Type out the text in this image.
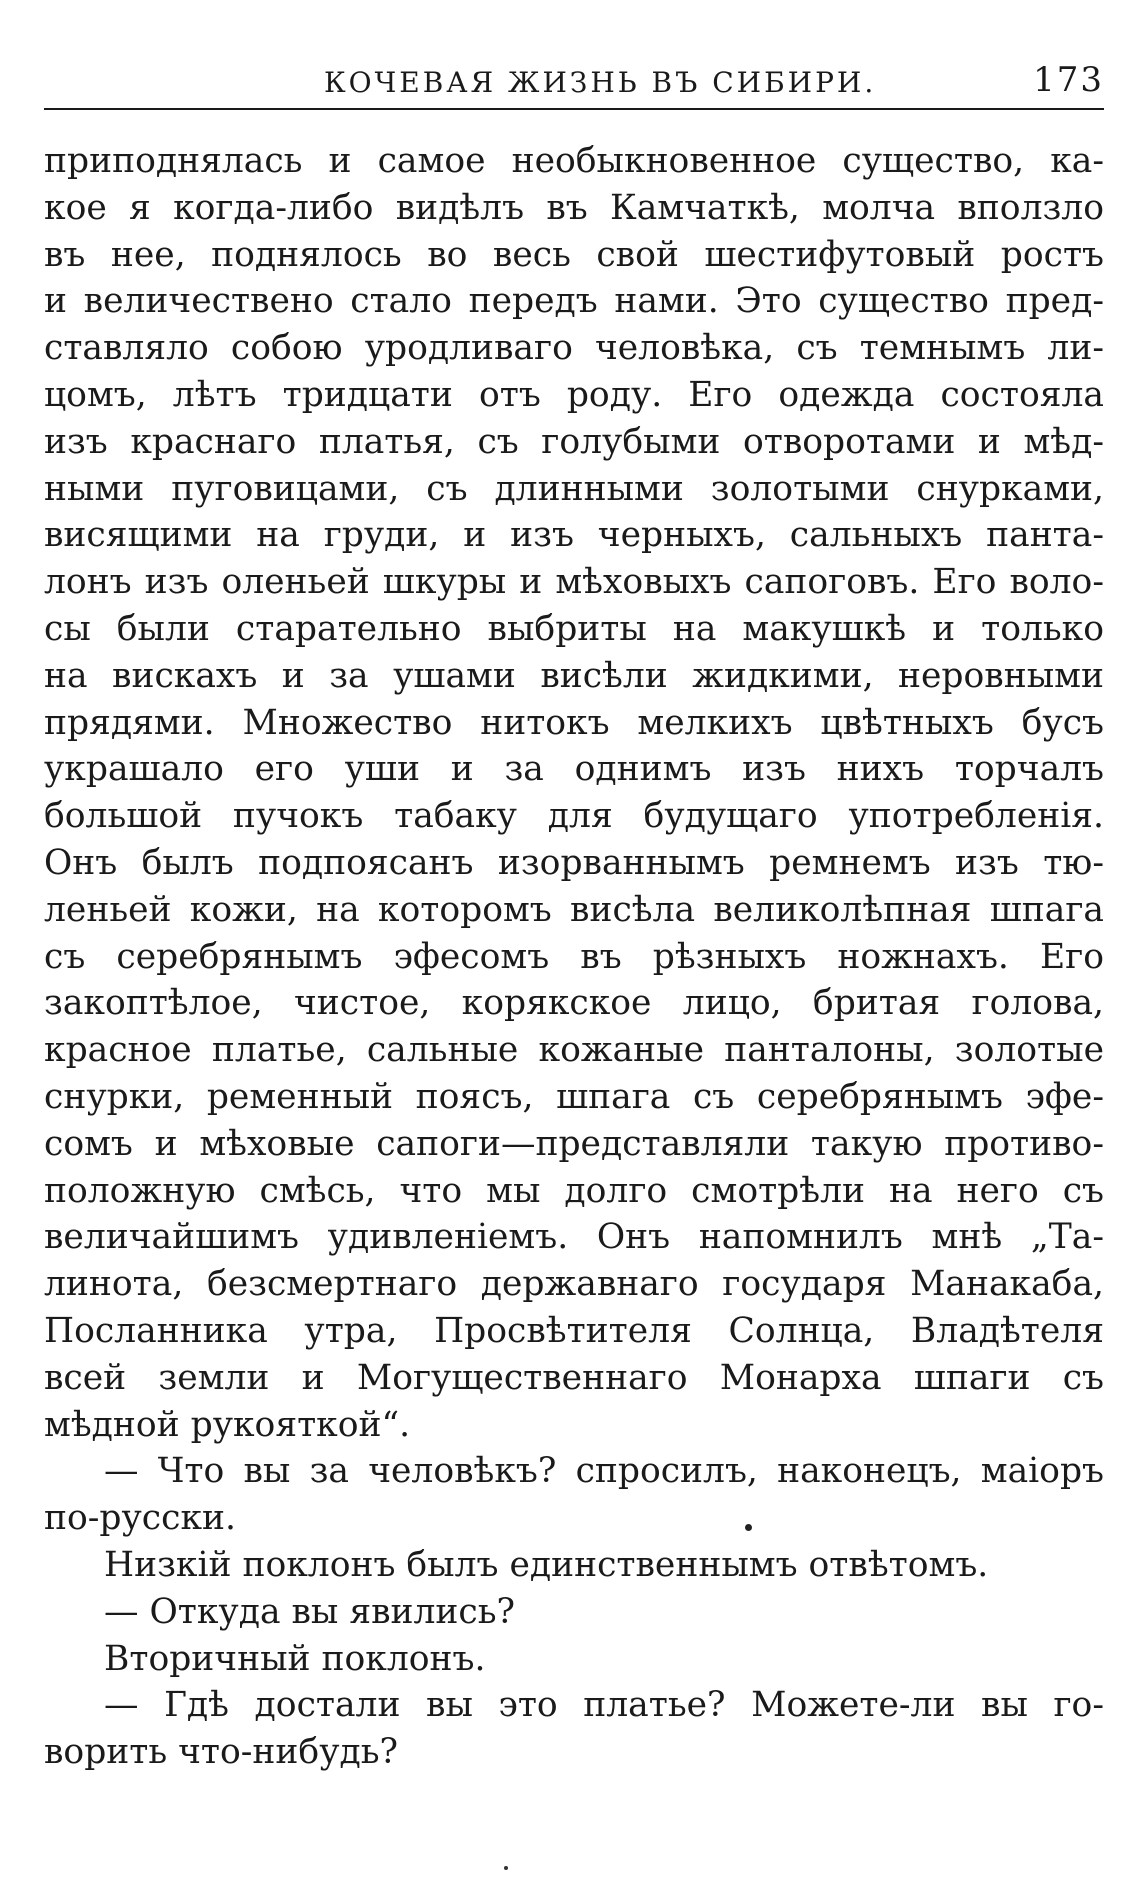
КОЧЕВАЯ ЖИЗНЬ ВЪ СИБИРИ.	173
приподнялась и самое необыкновенное существо, ка-
кое я когда-либо видѣлъ въ Камчаткѣ, молча вползло
въ нее, поднялось во весь свой шестифутовый ростъ
и величествено стало передъ нами. Это существо пред-
ставляло собою уродливаго человѣка, съ темнымъ ли-
цомъ, лѣтъ тридцати отъ роду. Его одежда состояла
изъ краснаго платья, съ голубыми отворотами и мѣд-
ными пуговицами, съ длинными золотыми снурками,
висящими на груди, и изъ черныхъ, сальныхъ панта-
лонъ изъ оленьей шкуры и мѣховыхъ сапоговъ. Его воло-
сы были старательно выбриты на макушкѣ и только
на вискахъ и за ушами висѣли жидкими, неровными
прядями. Множество нитокъ мелкихъ цвѣтныхъ бусъ
украшало его уши и за однимъ изъ нихъ торчалъ
большой пучокъ табаку для будущаго употребленія.
Онъ былъ подпоясанъ изорваннымъ ремнемъ изъ тю-
леньей кожи, на которомъ висѣла великолѣпная шпага
съ серебрянымъ эфесомъ въ рѣзныхъ ножнахъ. Его
закоптѣлое, чистое, корякское лицо, бритая голова,
красное платье, сальные кожаные панталоны, золотые
снурки, ременный поясъ, шпага съ серебрянымъ эфе-
сомъ и мѣховые сапоги—представляли такую противо-
положную смѣсь, что мы долго смотрѣли на него съ
величайшимъ удивленіемъ. Онъ напомнилъ мнѣ „Та-
линота, безсмертнаго державнаго государя Манакаба,
Посланника утра, Просвѣтителя Солнца, Владѣтеля
всей земли и Могущественнаго Монарха шпаги съ
мѣдной рукояткой“.
— Что вы за человѣкъ? спросилъ, наконецъ, маіоръ
по-русски.
Низкій поклонъ былъ единственнымъ отвѣтомъ.
— Откуда вы явились?
Вторичный поклонъ.
— Гдѣ достали вы это платье? Можете-ли вы го-
ворить что-нибудь?
